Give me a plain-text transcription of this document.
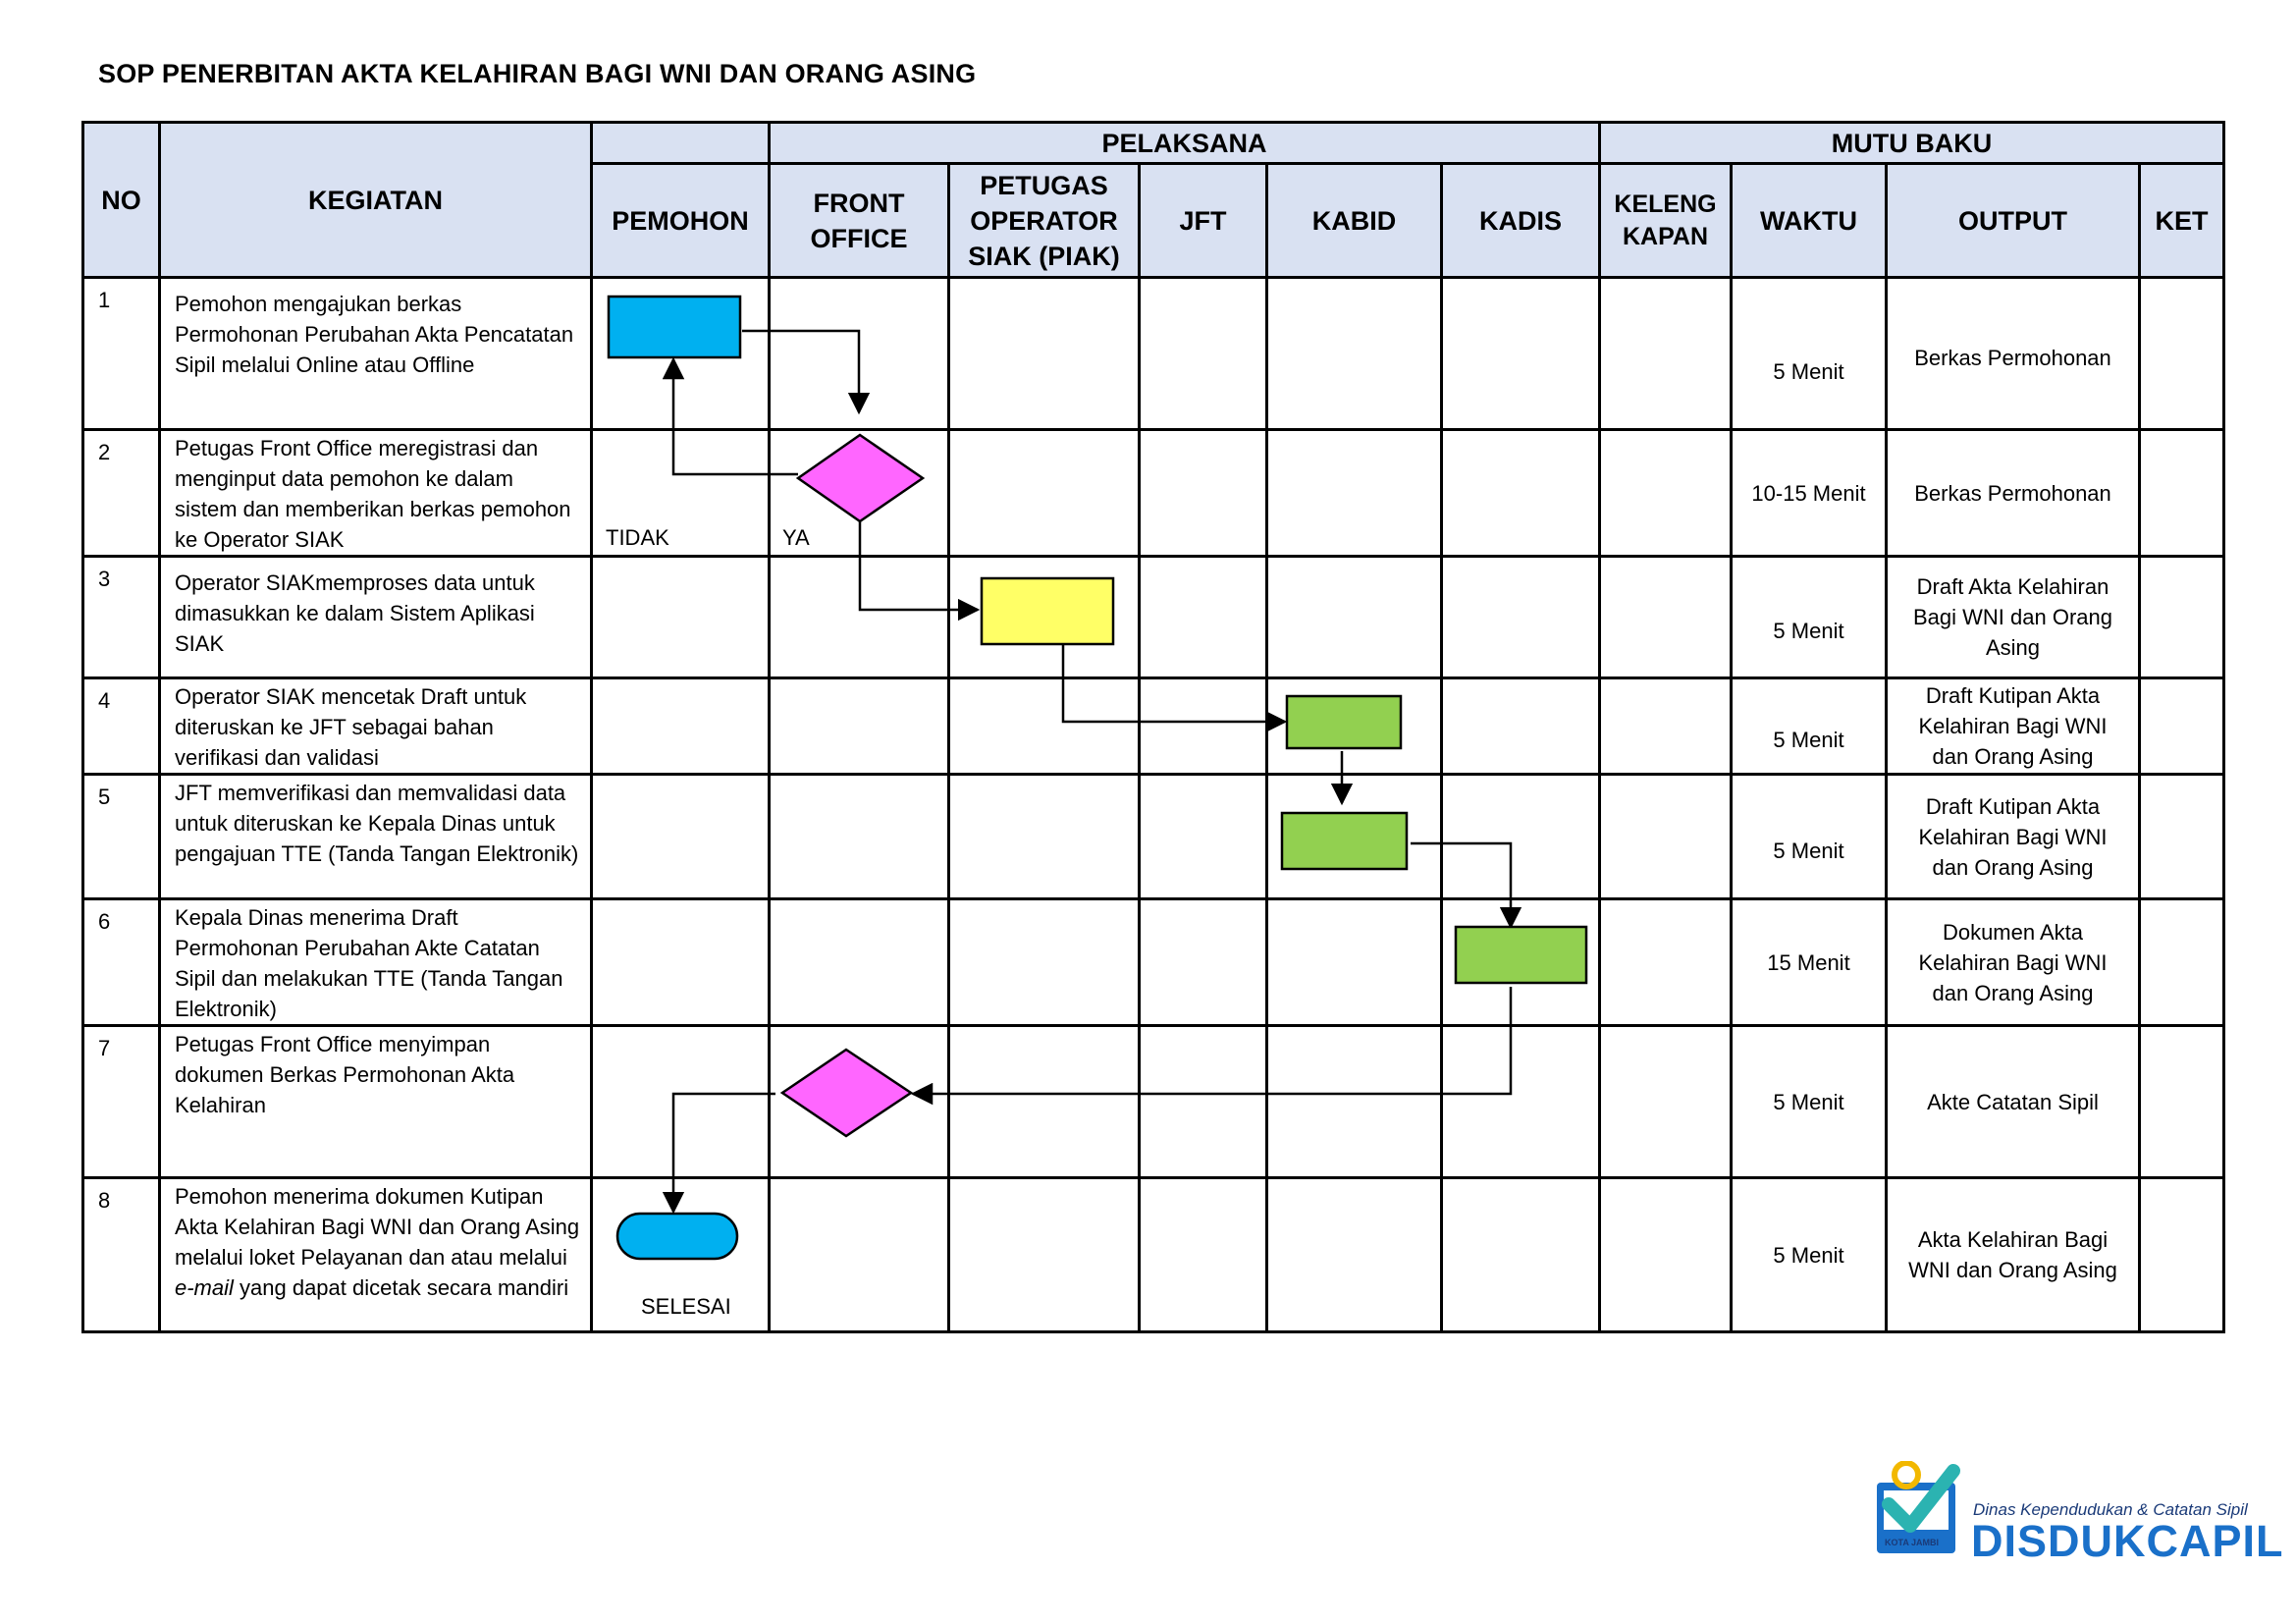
SOP PENERBITAN AKTA KELAHIRAN BAGI WNI DAN ORANG ASING
NO	KEGIATAN		PELAKSANA					MUTU BAKU			
		PEMOHON	FRONT OFFICE	PETUGAS OPERATOR SIAK (PIAK)	JFT	KABID	KADIS	KELENG KAPAN	WAKTU	OUTPUT	KET
1	Pemohon mengajukan berkas Permohonan Perubahan Akta Pencatatan Sipil melalui Online atau Offline								5 Menit	Berkas Permohonan	
2	Petugas Front Office meregistrasi dan menginput data pemohon ke dalam sistem dan memberikan berkas pemohon ke Operator SIAK								10-15 Menit	Berkas Permohonan	
3	Operator SIAKmemproses data untuk dimasukkan ke dalam Sistem Aplikasi SIAK								5 Menit	Draft Akta Kelahiran Bagi WNI dan Orang Asing	
4	Operator SIAK mencetak Draft untuk diteruskan ke JFT sebagai bahan verifikasi dan validasi								5 Menit	Draft Kutipan Akta Kelahiran Bagi WNI dan Orang Asing	
5	JFT memverifikasi dan memvalidasi data untuk diteruskan ke Kepala Dinas untuk pengajuan TTE (Tanda Tangan Elektronik)								5 Menit	Draft Kutipan Akta Kelahiran Bagi WNI dan Orang Asing	
6	Kepala Dinas menerima Draft Permohonan Perubahan Akte Catatan Sipil dan melakukan TTE (Tanda Tangan Elektronik)								15 Menit	Dokumen Akta Kelahiran Bagi WNI dan Orang Asing	
7	Petugas Front Office menyimpan dokumen Berkas Permohonan Akta Kelahiran								5 Menit	Akte Catatan Sipil	
8	Pemohon menerima dokumen Kutipan Akta Kelahiran Bagi WNI dan Orang Asing melalui loket Pelayanan dan atau melalui e-mail yang dapat dicetak secara mandiri								5 Menit	Akta Kelahiran Bagi WNI dan Orang Asing	
TIDAK	YA
SELESAI
Dinas Kependudukan & Catatan Sipil
DISDUKCAPIL
KOTA JAMBI
